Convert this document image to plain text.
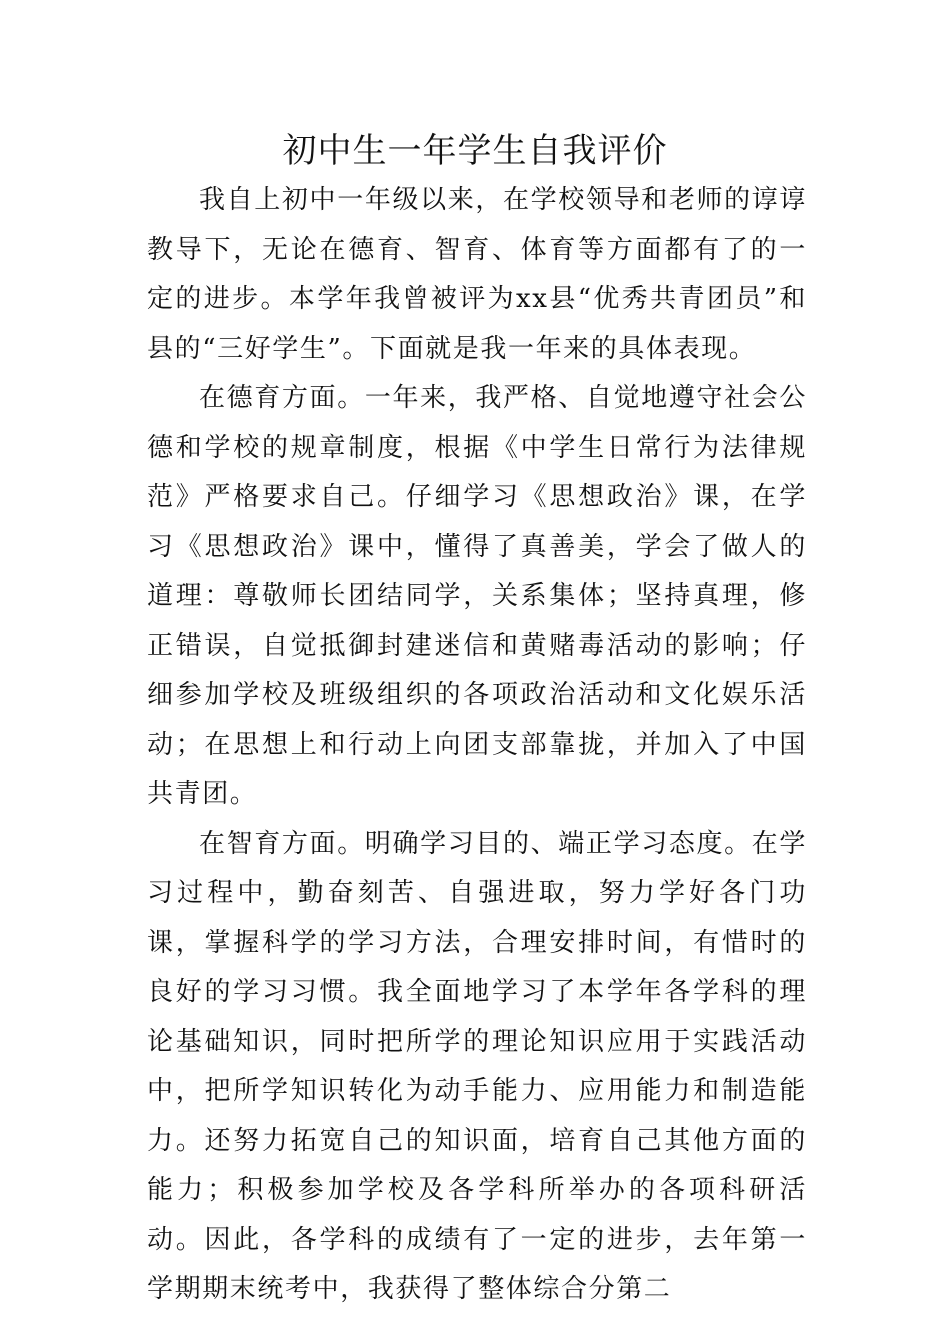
初中生一年学生自我评价

我自上初中一年级以来，在学校领导和老师的谆谆教导下，无论在德育、智育、体育等方面都有了的一定的进步。本学年我曾被评为xx县“优秀共青团员”和县的“三好学生”。下面就是我一年来的具体表现。

在德育方面。一年来，我严格、自觉地遵守社会公德和学校的规章制度，根据《中学生日常行为法律规范》严格要求自己。仔细学习《思想政治》课，在学习《思想政治》课中，懂得了真善美，学会了做人的道理：尊敬师长团结同学，关系集体；坚持真理，修正错误，自觉抵御封建迷信和黄赌毒活动的影响；仔细参加学校及班级组织的各项政治活动和文化娱乐活动；在思想上和行动上向团支部靠拢，并加入了中国共青团。

在智育方面。明确学习目的、端正学习态度。在学习过程中，勤奋刻苦、自强进取，努力学好各门功课，掌握科学的学习方法，合理安排时间，有惜时的良好的学习习惯。我全面地学习了本学年各学科的理论基础知识，同时把所学的理论知识应用于实践活动中，把所学知识转化为动手能力、应用能力和制造能力。还努力拓宽自己的知识面，培育自己其他方面的能力；积极参加学校及各学科所举办的各项科研活动。因此，各学科的成绩有了一定的进步，去年第一学期期末统考中，我获得了整体综合分第二
